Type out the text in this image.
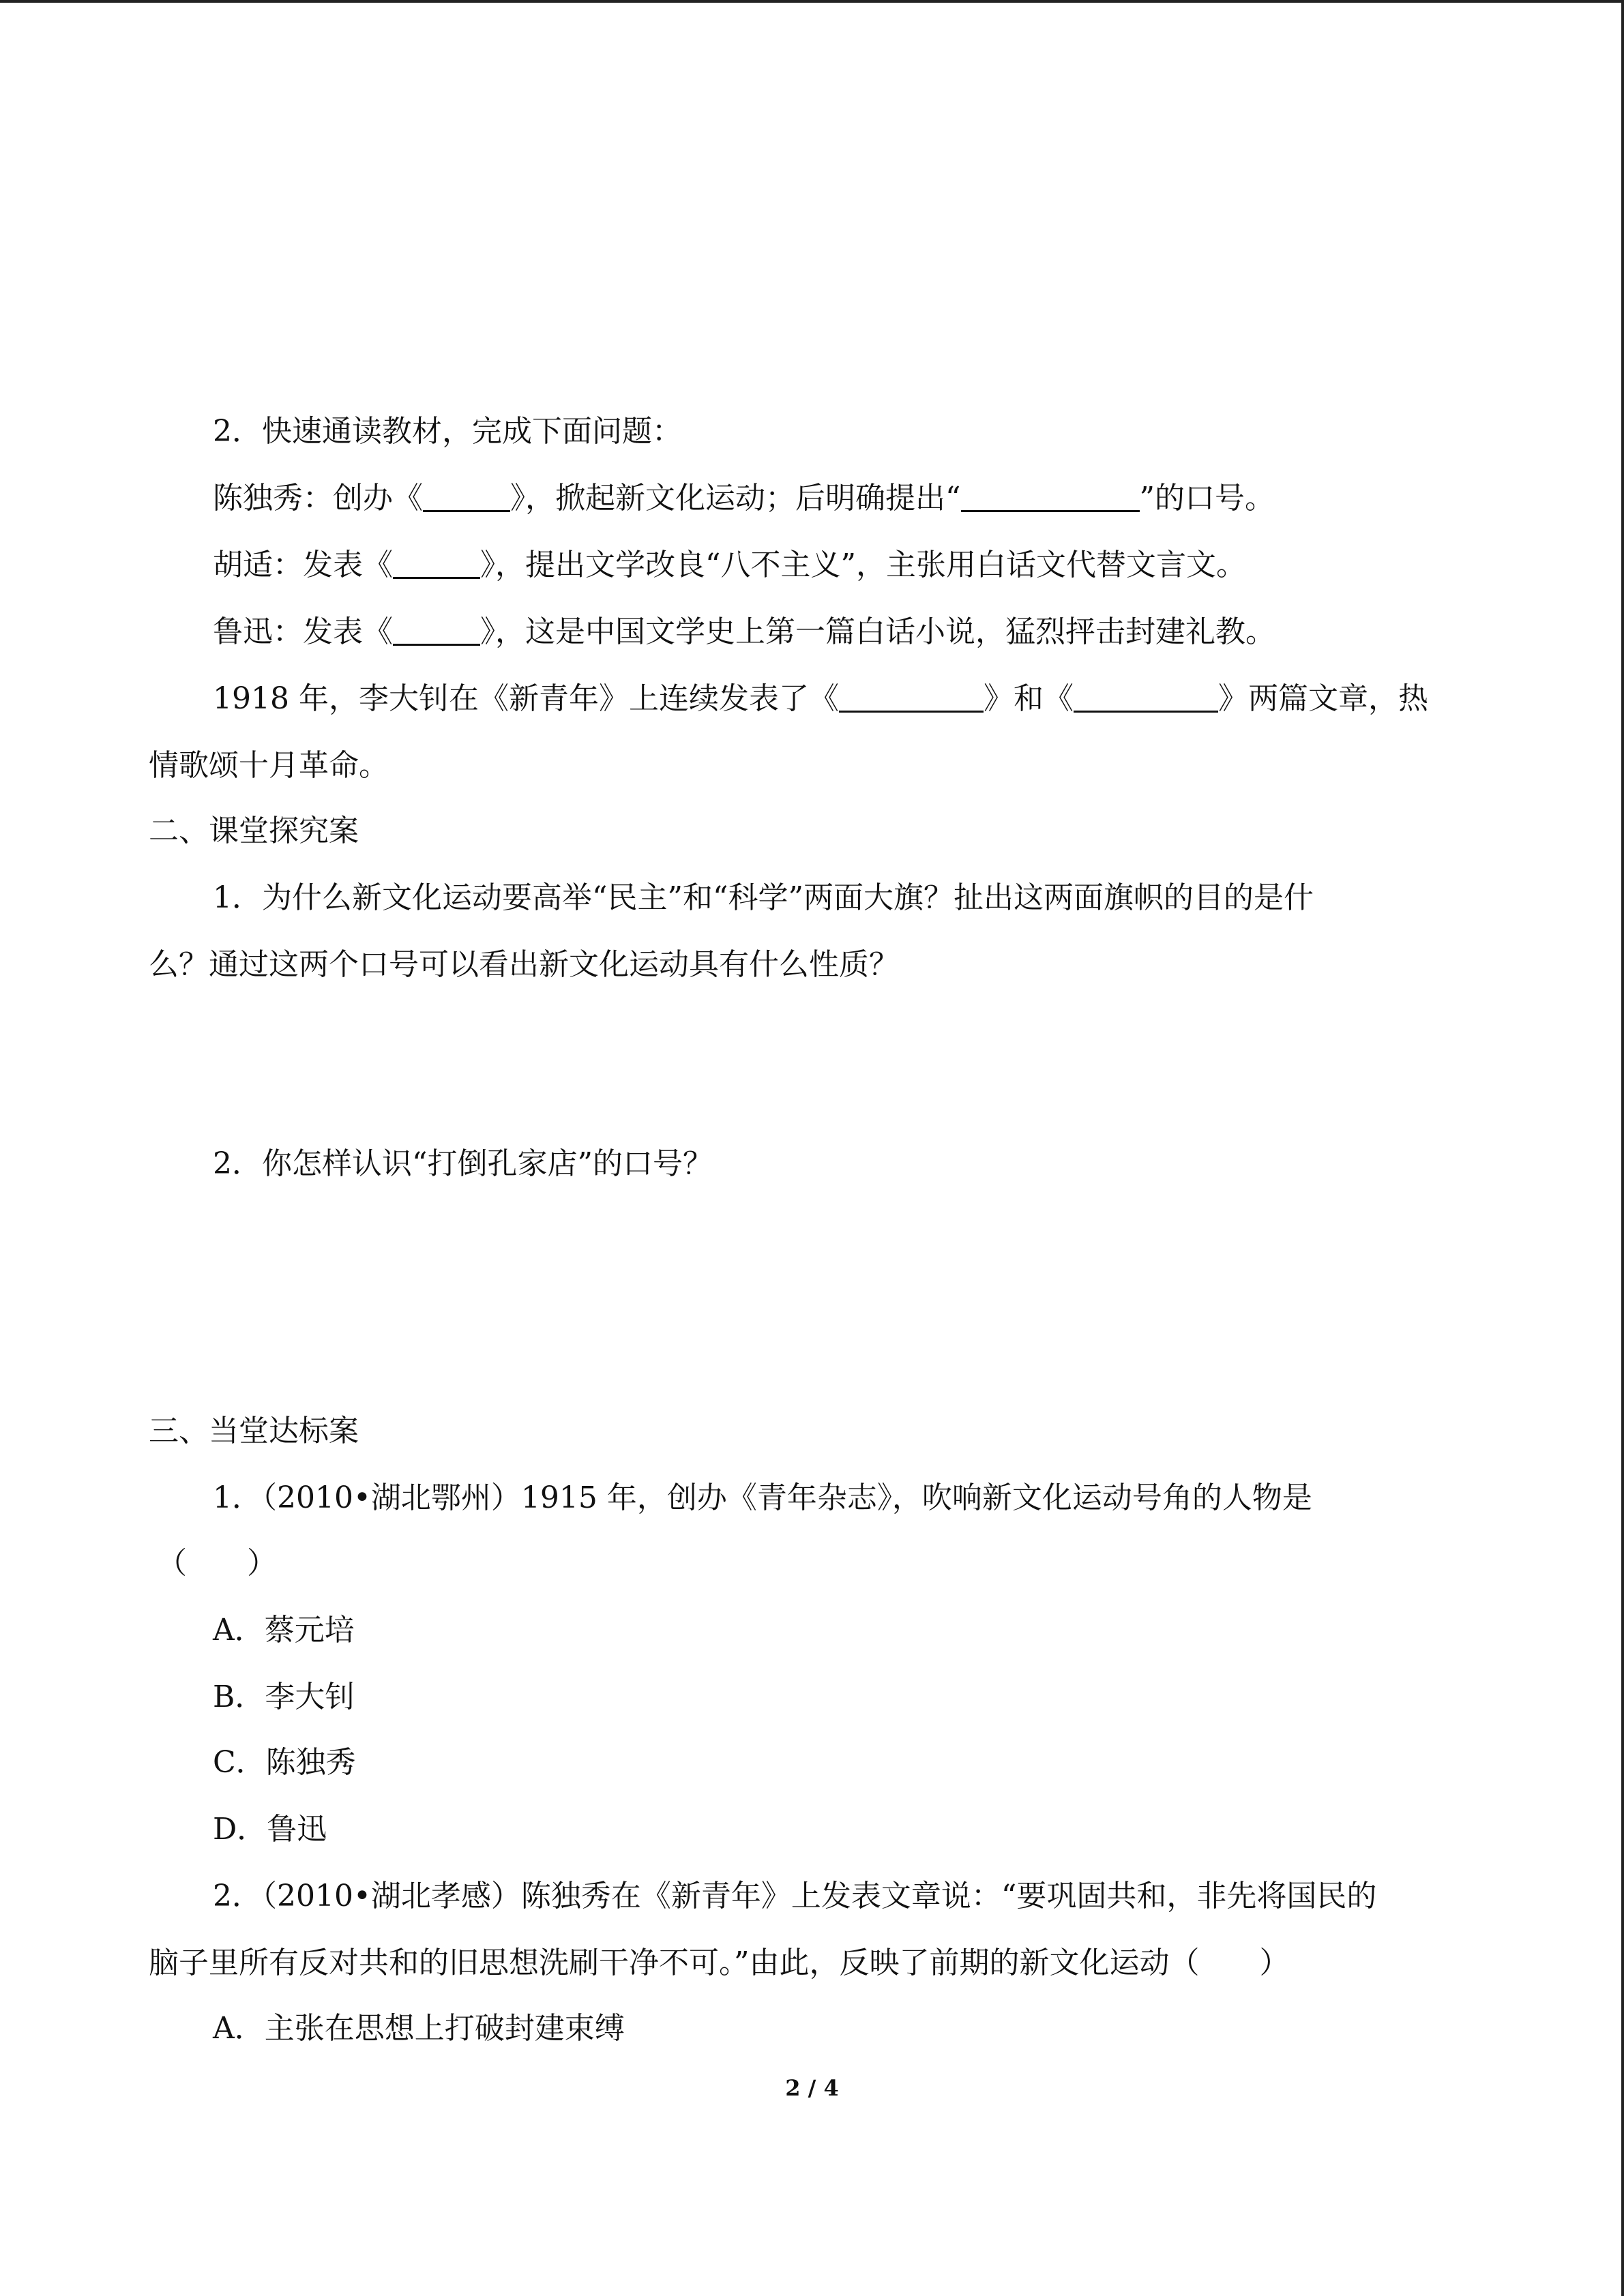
2．快速通读教材，完成下面问题：
陈独秀：创办《	》，掀起新文化运动；后明确提出“	”的口号。
胡适：发表《	》，提出文学改良“八不主义”，主张用白话文代替文言文。
鲁迅：发表《	》，这是中国文学史上第一篇白话小说，猛烈抨击封建礼教。
1918 年，李大钊在《新青年》上连续发表了《	》和《	》两篇文章，热
情歌颂十月革命。
二、课堂探究案
1．为什么新文化运动要高举“民主”和“科学”两面大旗？扯出这两面旗帜的目的是什
么？通过这两个口号可以看出新文化运动具有什么性质？
2．你怎样认识“打倒孔家店”的口号？
三、当堂达标案
1．（2010•湖北鄂州）1915 年，创办《青年杂志》，吹响新文化运动号角的人物是
（　　）
A．蔡元培
B．李大钊
C．陈独秀
D．鲁迅
2．（2010•湖北孝感）陈独秀在《新青年》上发表文章说：“要巩固共和，非先将国民的
脑子里所有反对共和的旧思想洗刷干净不可。”由此，反映了前期的新文化运动（　　）
A．主张在思想上打破封建束缚
2 / 4
